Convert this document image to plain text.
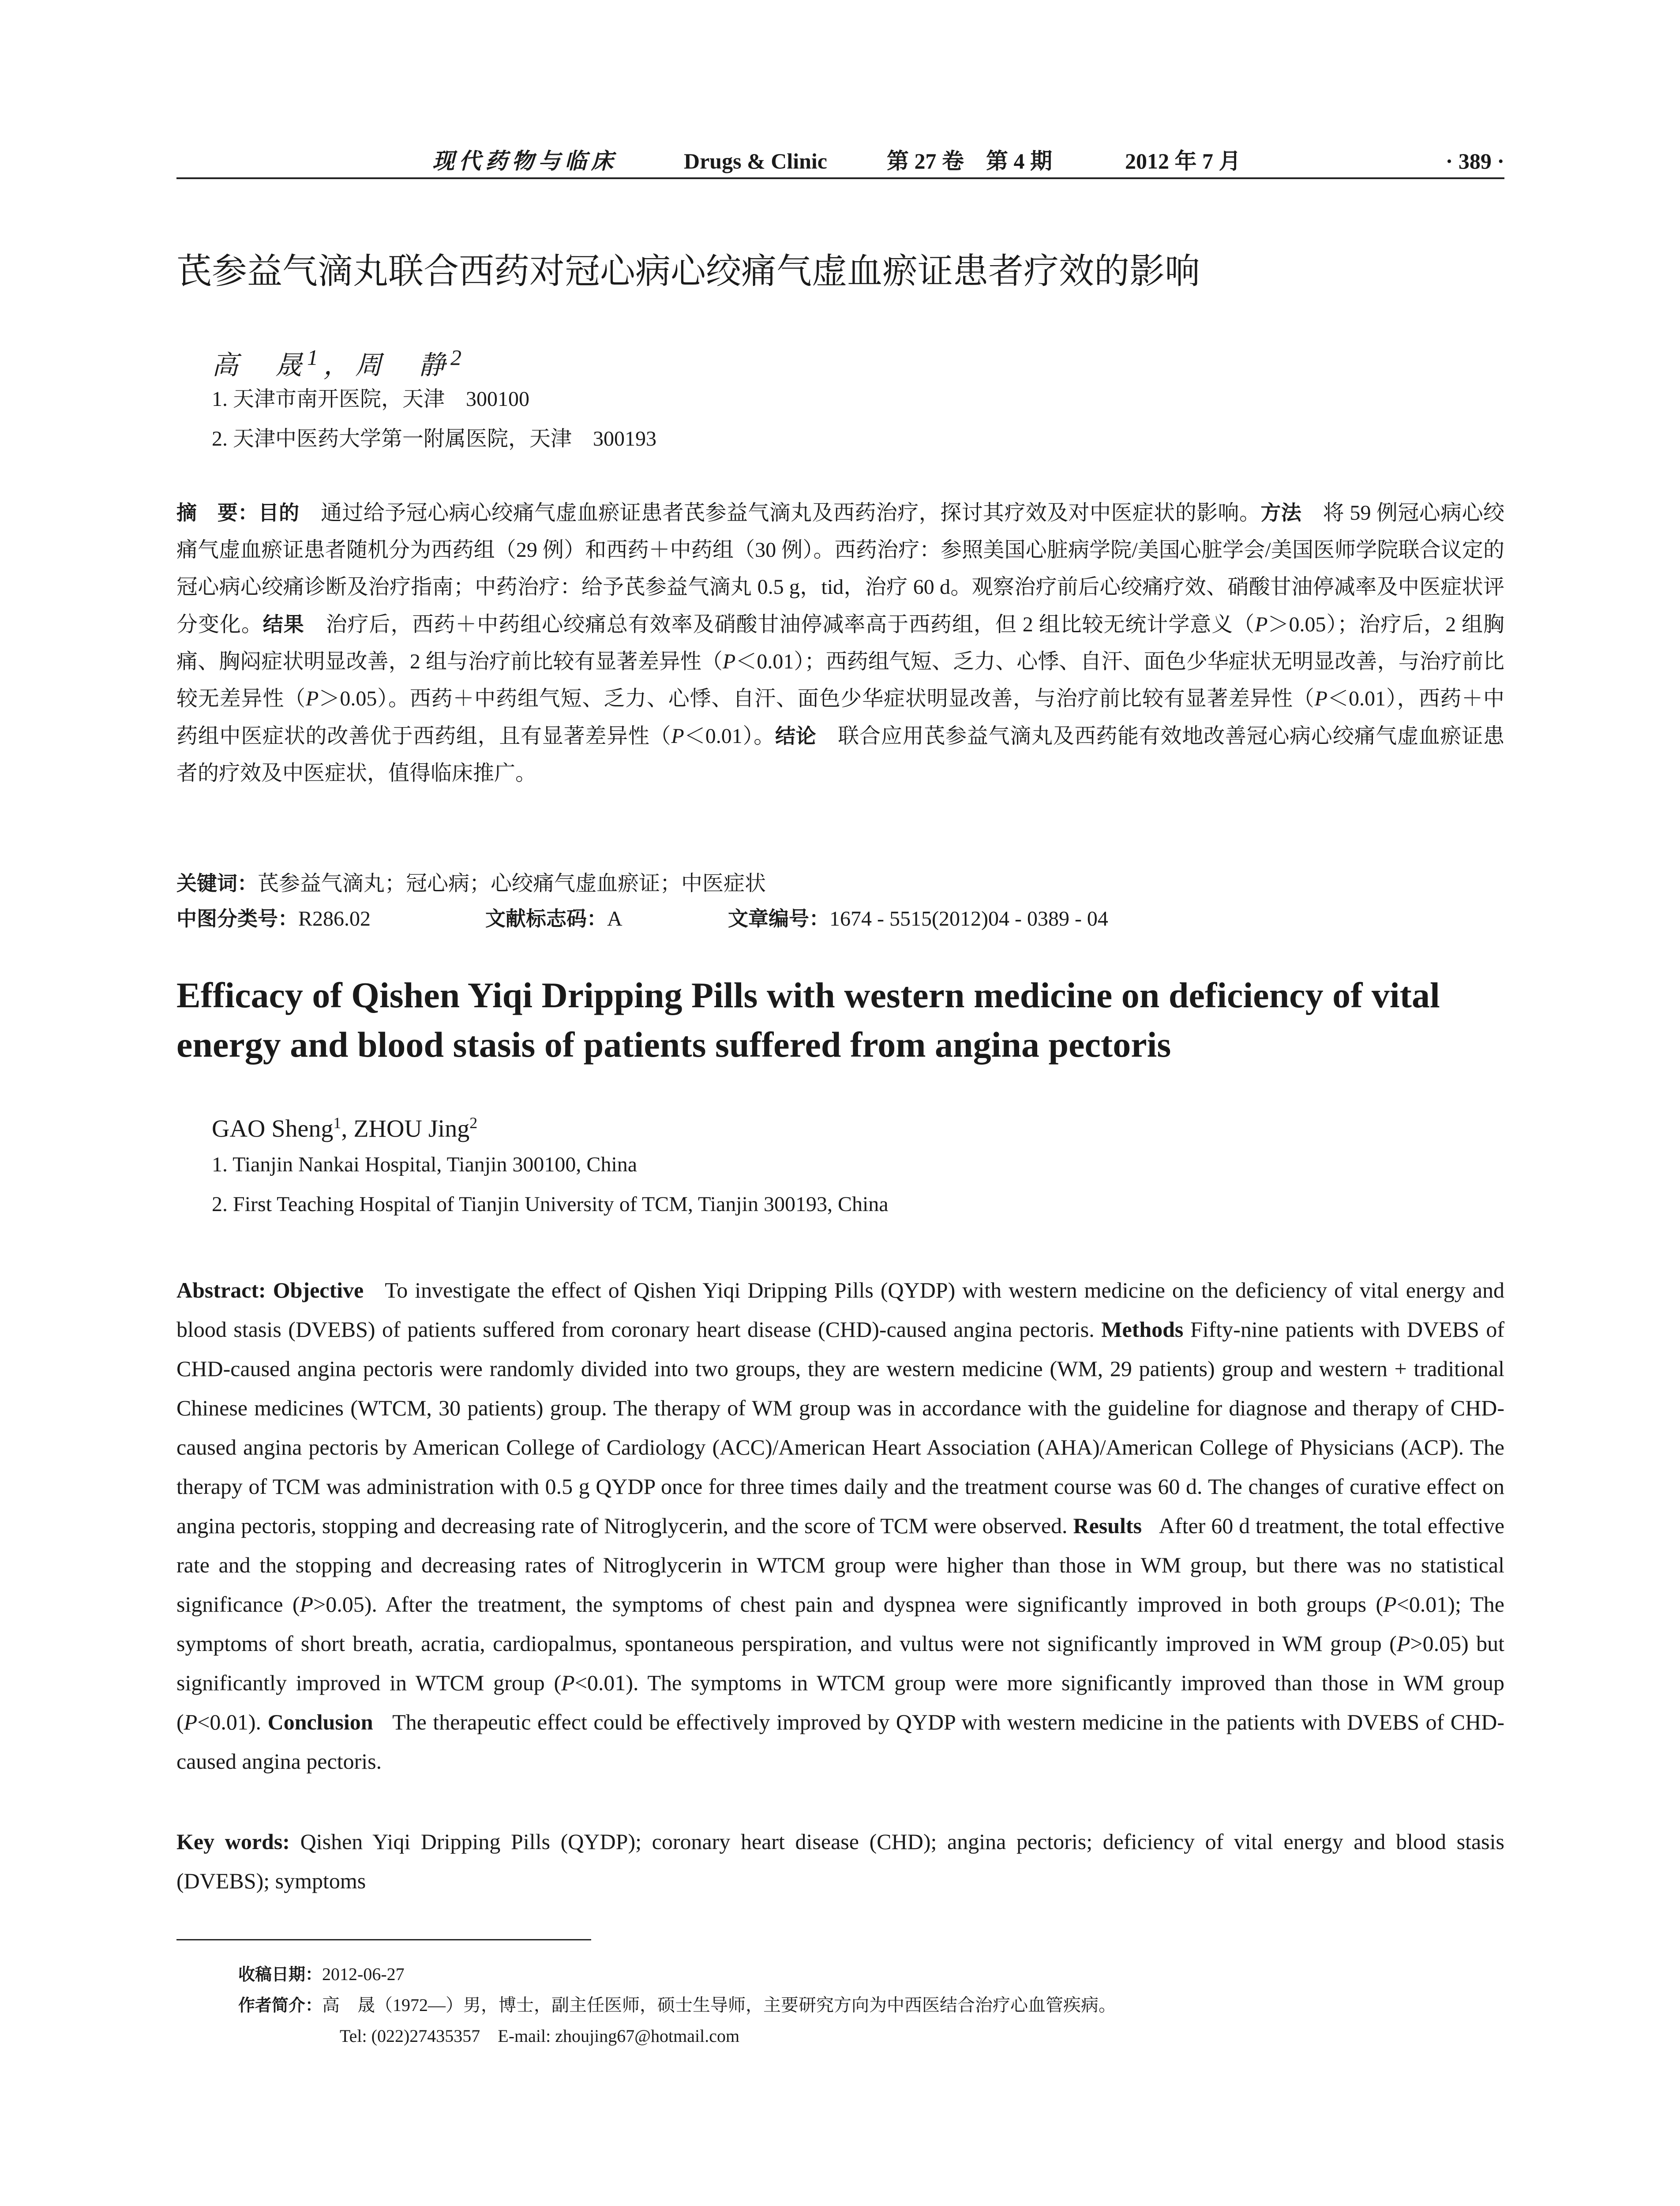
现代药物与临床	Drugs & Clinic	第 27 卷　第 4 期	2012 年 7 月	· 389 ·
芪参益气滴丸联合西药对冠心病心绞痛气虚血瘀证患者疗效的影响
高　晟$^1$，周　静$^2$
1. 天津市南开医院，天津　300100
2. 天津中医药大学第一附属医院，天津　300193
摘　要：目的　 通过给予冠心病心绞痛气虚血瘀证患者芪参益气滴丸及西药治疗，探讨其疗效及对中医症状的影响。方法　 将 59 例冠心病心绞痛气虚血瘀证患者随机分为西药组（29 例）和西药＋中药组（30 例）。西药治疗：参照美国心脏病学院/美国心脏学会/美国医师学院联合议定的冠心病心绞痛诊断及治疗指南；中药治疗：给予芪参益气滴丸 0.5 g，tid，治疗 60 d。观察治疗前后心绞痛疗效、硝酸甘油停减率及中医症状评分变化。结果　 治疗后，西药＋中药组心绞痛总有效率及硝酸甘油停减率高于西药组，但 2 组比较无统计学意义（P＞0.05）；治疗后，2 组胸痛、胸闷症状明显改善，2 组与治疗前比较有显著差异性（P＜0.01）；西药组气短、乏力、心悸、自汗、面色少华症状无明显改善，与治疗前比较无差异性（P＞0.05）。西药＋中药组气短、乏力、心悸、自汗、面色少华症状明显改善，与治疗前比较有显著差异性（P＜0.01），西药＋中药组中医症状的改善优于西药组，且有显著差异性（P＜0.01）。结论　 联合应用芪参益气滴丸及西药能有效地改善冠心病心绞痛气虚血瘀证患者的疗效及中医症状，值得临床推广。
关键词：芪参益气滴丸；冠心病；心绞痛气虚血瘀证；中医症状
中图分类号：R286.02	文献标志码：A	文章编号：1674 - 5515(2012)04 - 0389 - 04
Efficacy of Qishen Yiqi Dripping Pills with western medicine on deficiency of vital energy and blood stasis of patients suffered from angina pectoris
GAO Sheng$^1$, ZHOU Jing$^2$
1. Tianjin Nankai Hospital, Tianjin 300100, China
2. First Teaching Hospital of Tianjin University of TCM, Tianjin 300193, China
Abstract: Objective To investigate the effect of Qishen Yiqi Dripping Pills (QYDP) with western medicine on the deficiency of vital energy and blood stasis (DVEBS) of patients suffered from coronary heart disease (CHD)-caused angina pectoris. Methods Fifty-nine patients with DVEBS of CHD-caused angina pectoris were randomly divided into two groups, they are western medicine (WM, 29 patients) group and western + traditional Chinese medicines (WTCM, 30 patients) group. The therapy of WM group was in accordance with the guideline for diagnose and therapy of CHD-caused angina pectoris by American College of Cardiology (ACC)/American Heart Association (AHA)/American College of Physicians (ACP). The therapy of TCM was administration with 0.5 g QYDP once for three times daily and the treatment course was 60 d. The changes of curative effect on angina pectoris, stopping and decreasing rate of Nitroglycerin, and the score of TCM were observed. Results After 60 d treatment, the total effective rate and the stopping and decreasing rates of Nitroglycerin in WTCM group were higher than those in WM group, but there was no statistical significance (P>0.05). After the treatment, the symptoms of chest pain and dyspnea were significantly improved in both groups (P<0.01); The symptoms of short breath, acratia, cardiopalmus, spontaneous perspiration, and vultus were not significantly improved in WM group (P>0.05) but significantly improved in WTCM group (P<0.01). The symptoms in WTCM group were more significantly improved than those in WM group (P<0.01). Conclusion The therapeutic effect could be effectively improved by QYDP with western medicine in the patients with DVEBS of CHD-caused angina pectoris.
Key words: Qishen Yiqi Dripping Pills (QYDP); coronary heart disease (CHD); angina pectoris; deficiency of vital energy and blood stasis (DVEBS); symptoms
收稿日期：2012-06-27
作者简介：高　晟（1972—）男，博士，副主任医师，硕士生导师，主要研究方向为中西医结合治疗心血管疾病。
Tel: (022)27435357　E-mail: zhoujing67@hotmail.com
